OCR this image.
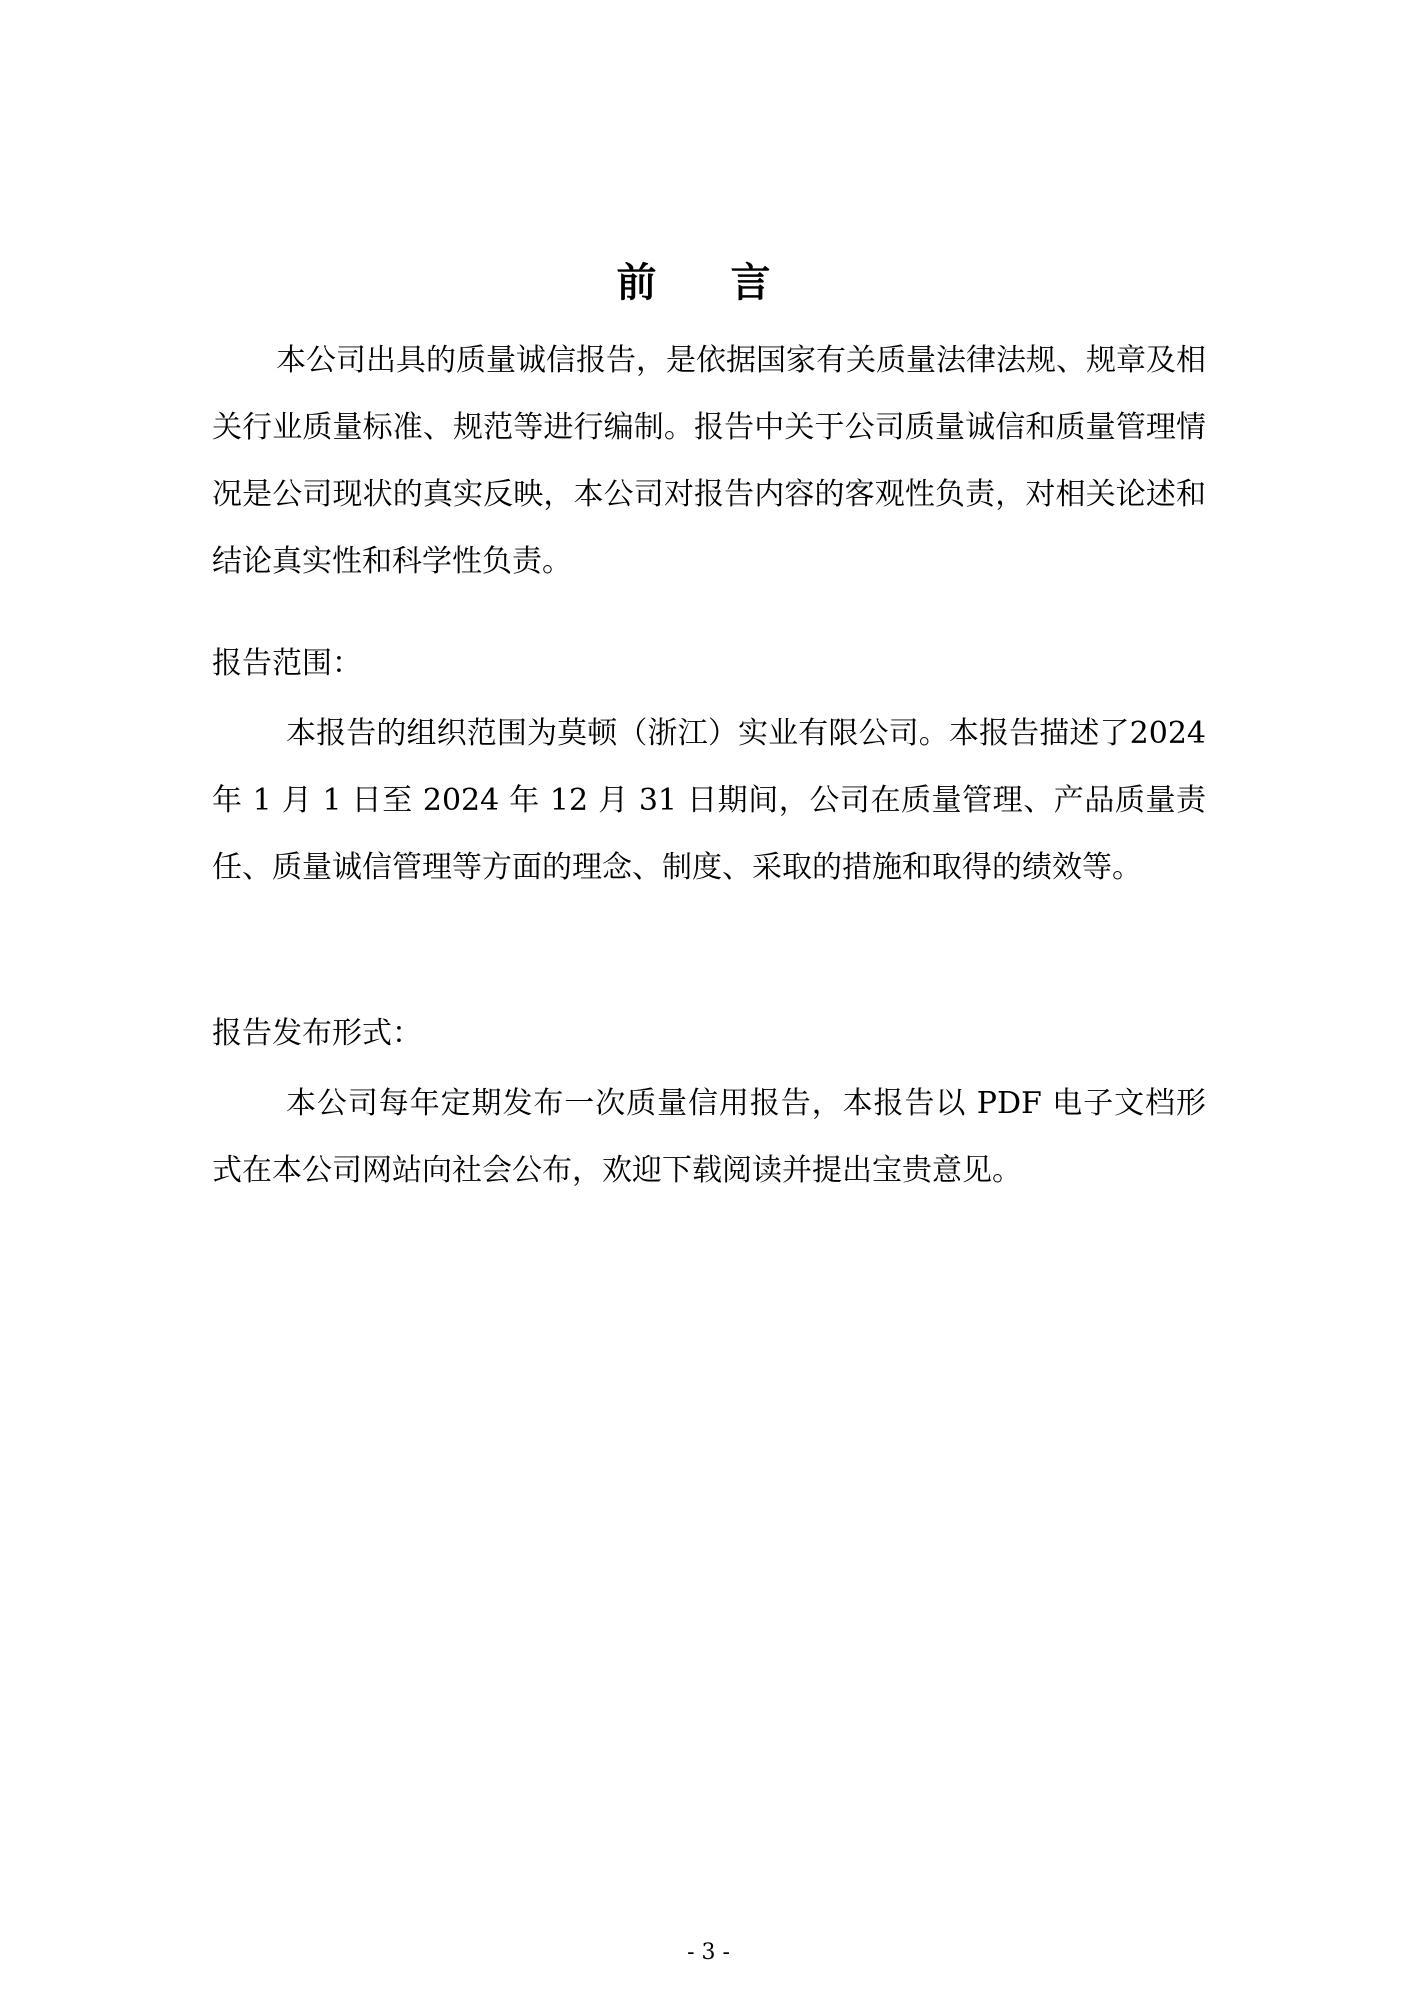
前 言

本公司出具的质量诚信报告，是依据国家有关质量法律法规、规章及相关行业质量标准、规范等进行编制。报告中关于公司质量诚信和质量管理情况是公司现状的真实反映，本公司对报告内容的客观性负责，对相关论述和结论真实性和科学性负责。

报告范围：

本报告的组织范围为莫顿（浙江）实业有限公司。本报告描述了2024 年 1 月 1 日至 2024 年 12 月 31 日期间，公司在质量管理、产品质量责任、质量诚信管理等方面的理念、制度、采取的措施和取得的绩效等。

报告发布形式：

本公司每年定期发布一次质量信用报告，本报告以 PDF 电子文档形式在本公司网站向社会公布，欢迎下载阅读并提出宝贵意见。

- 3 -
